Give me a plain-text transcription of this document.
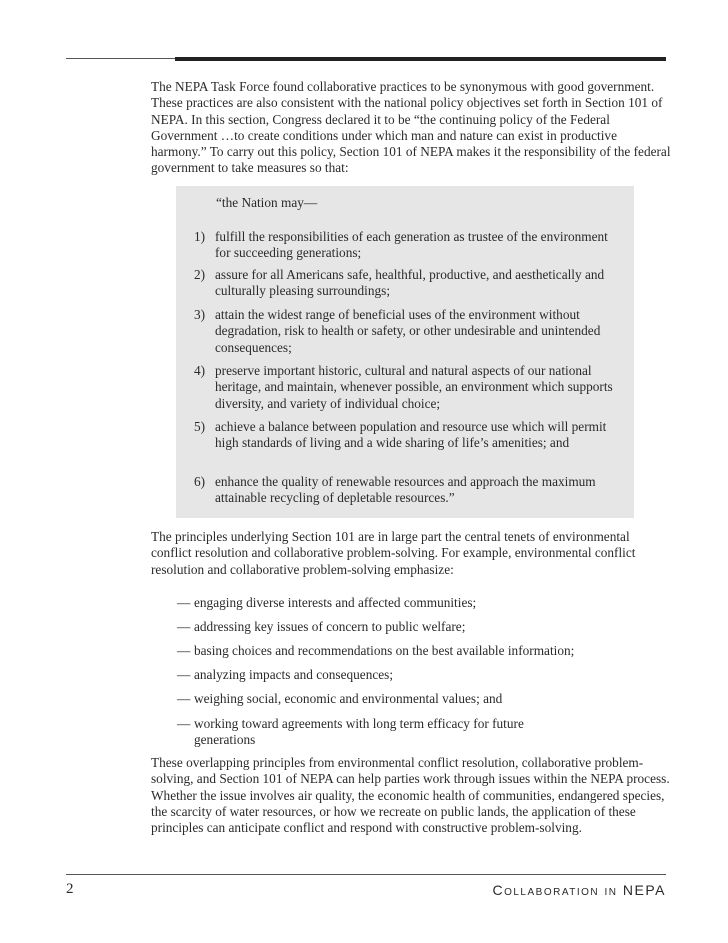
The NEPA Task Force found collaborative practices to be synonymous with good government. These practices are also consistent with the national policy objectives set forth in Section 101 of NEPA. In this section, Congress declared it to be “the continuing policy of the Federal Government …to create conditions under which man and nature can exist in productive harmony.” To carry out this policy, Section 101 of NEPA makes it the responsibility of the federal government to take measures so that:

“the Nation may—

1) fulfill the responsibilities of each generation as trustee of the environment for succeeding generations;
2) assure for all Americans safe, healthful, productive, and aesthetically and culturally pleasing surroundings;
3) attain the widest range of beneficial uses of the environment without degradation, risk to health or safety, or other undesirable and unintended consequences;
4) preserve important historic, cultural and natural aspects of our national heritage, and maintain, whenever possible, an environment which supports diversity, and variety of individual choice;
5) achieve a balance between population and resource use which will permit high standards of living and a wide sharing of life’s amenities; and
6) enhance the quality of renewable resources and approach the maximum attainable recycling of depletable resources.”

The principles underlying Section 101 are in large part the central tenets of environmental conflict resolution and collaborative problem-solving. For example, environmental conflict resolution and collaborative problem-solving emphasize:

— engaging diverse interests and affected communities;
— addressing key issues of concern to public welfare;
— basing choices and recommendations on the best available information;
— analyzing impacts and consequences;
— weighing social, economic and environmental values; and
— working toward agreements with long term efficacy for future generations

These overlapping principles from environmental conflict resolution, collaborative problem-solving, and Section 101 of NEPA can help parties work through issues within the NEPA process. Whether the issue involves air quality, the economic health of communities, endangered species, the scarcity of water resources, or how we recreate on public lands, the application of these principles can anticipate conflict and respond with constructive problem-solving.

2	Collaboration in NEPA
